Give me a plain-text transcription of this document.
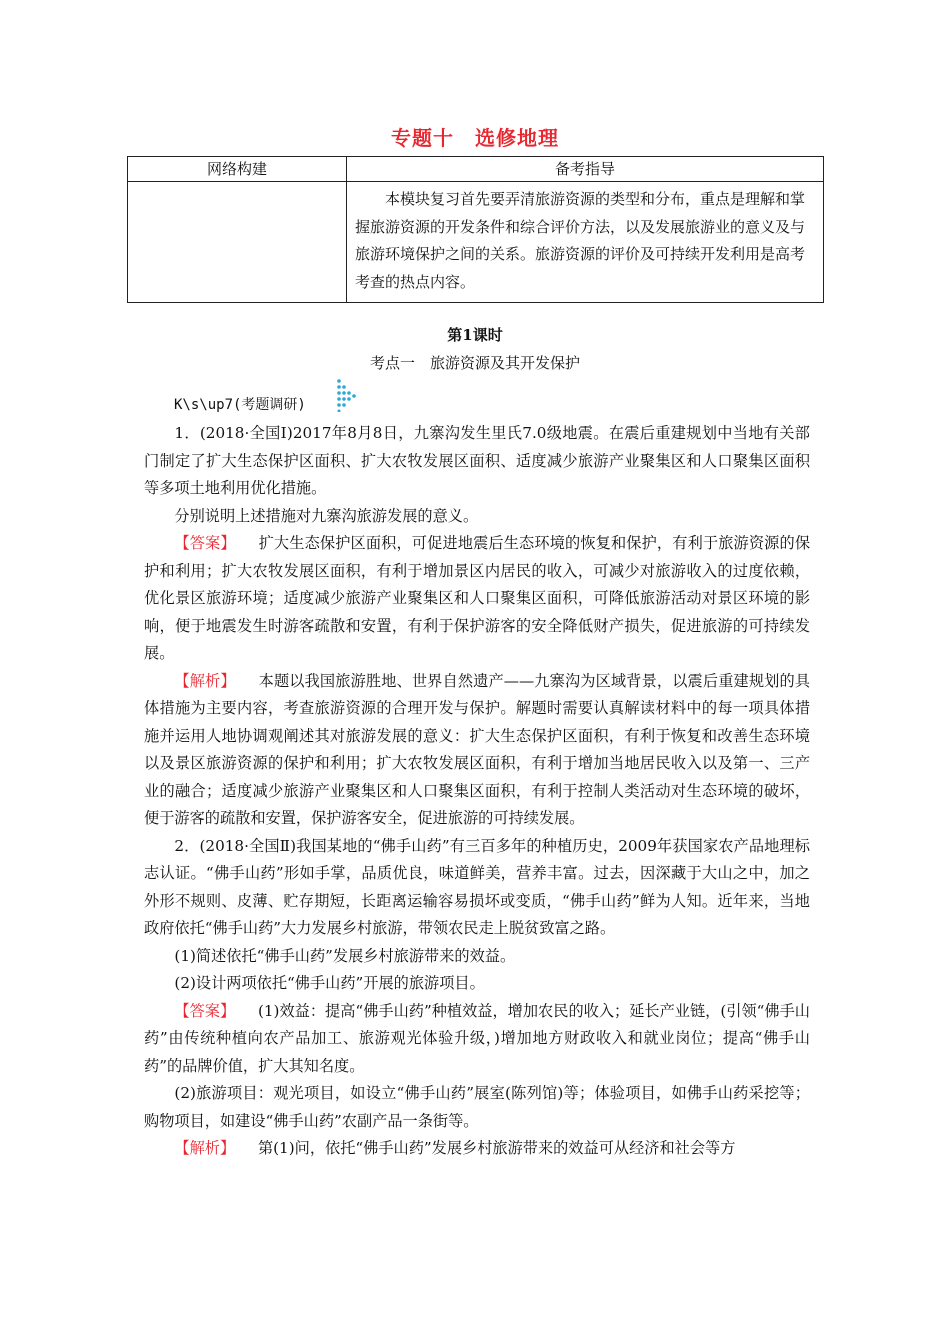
专题十　选修地理
网络构建	备考指导
	本模块复习首先要弄清旅游资源的类型和分布，重点是理解和掌握旅游资源的开发条件和综合评价方法，以及发展旅游业的意义及与旅游环境保护之间的关系。旅游资源的评价及可持续开发利用是高考考查的热点内容。
第1课时
考点一　旅游资源及其开发保护
K\s\up7(考题调研)

1．(2018·全国Ⅰ)2017年8月8日，九寨沟发生里氏7.0级地震。在震后重建规划中当地有关部门制定了扩大生态保护区面积、扩大农牧发展区面积、适度减少旅游产业聚集区和人口聚集区面积等多项土地利用优化措施。

分别说明上述措施对九寨沟旅游发展的意义。

【答案】 扩大生态保护区面积，可促进地震后生态环境的恢复和保护，有利于旅游资源的保护和利用；扩大农牧发展区面积，有利于增加景区内居民的收入，可减少对旅游收入的过度依赖，优化景区旅游环境；适度减少旅游产业聚集区和人口聚集区面积，可降低旅游活动对景区环境的影响，便于地震发生时游客疏散和安置，有利于保护游客的安全降低财产损失，促进旅游的可持续发展。

【解析】 本题以我国旅游胜地、世界自然遗产——九寨沟为区域背景，以震后重建规划的具体措施为主要内容，考查旅游资源的合理开发与保护。解题时需要认真解读材料中的每一项具体措施并运用人地协调观阐述其对旅游发展的意义：扩大生态保护区面积，有利于恢复和改善生态环境以及景区旅游资源的保护和利用；扩大农牧发展区面积，有利于增加当地居民收入以及第一、三产业的融合；适度减少旅游产业聚集区和人口聚集区面积，有利于控制人类活动对生态环境的破坏，便于游客的疏散和安置，保护游客安全，促进旅游的可持续发展。

2．(2018·全国Ⅱ)我国某地的“佛手山药”有三百多年的种植历史，2009年获国家农产品地理标志认证。“佛手山药”形如手掌，品质优良，味道鲜美，营养丰富。过去，因深藏于大山之中，加之外形不规则、皮薄、贮存期短，长距离运输容易损坏或变质，“佛手山药”鲜为人知。近年来，当地政府依托“佛手山药”大力发展乡村旅游，带领农民走上脱贫致富之路。

(1)简述依托“佛手山药”发展乡村旅游带来的效益。

(2)设计两项依托“佛手山药”开展的旅游项目。

【答案】 (1)效益：提高“佛手山药”种植效益，增加农民的收入；延长产业链，(引领“佛手山药”由传统种植向农产品加工、旅游观光体验升级，)增加地方财政收入和就业岗位；提高“佛手山药”的品牌价值，扩大其知名度。

(2)旅游项目：观光项目，如设立“佛手山药”展室(陈列馆)等；体验项目，如佛手山药采挖等；购物项目，如建设“佛手山药”农副产品一条街等。

【解析】 第(1)问，依托“佛手山药”发展乡村旅游带来的效益可从经济和社会等方
